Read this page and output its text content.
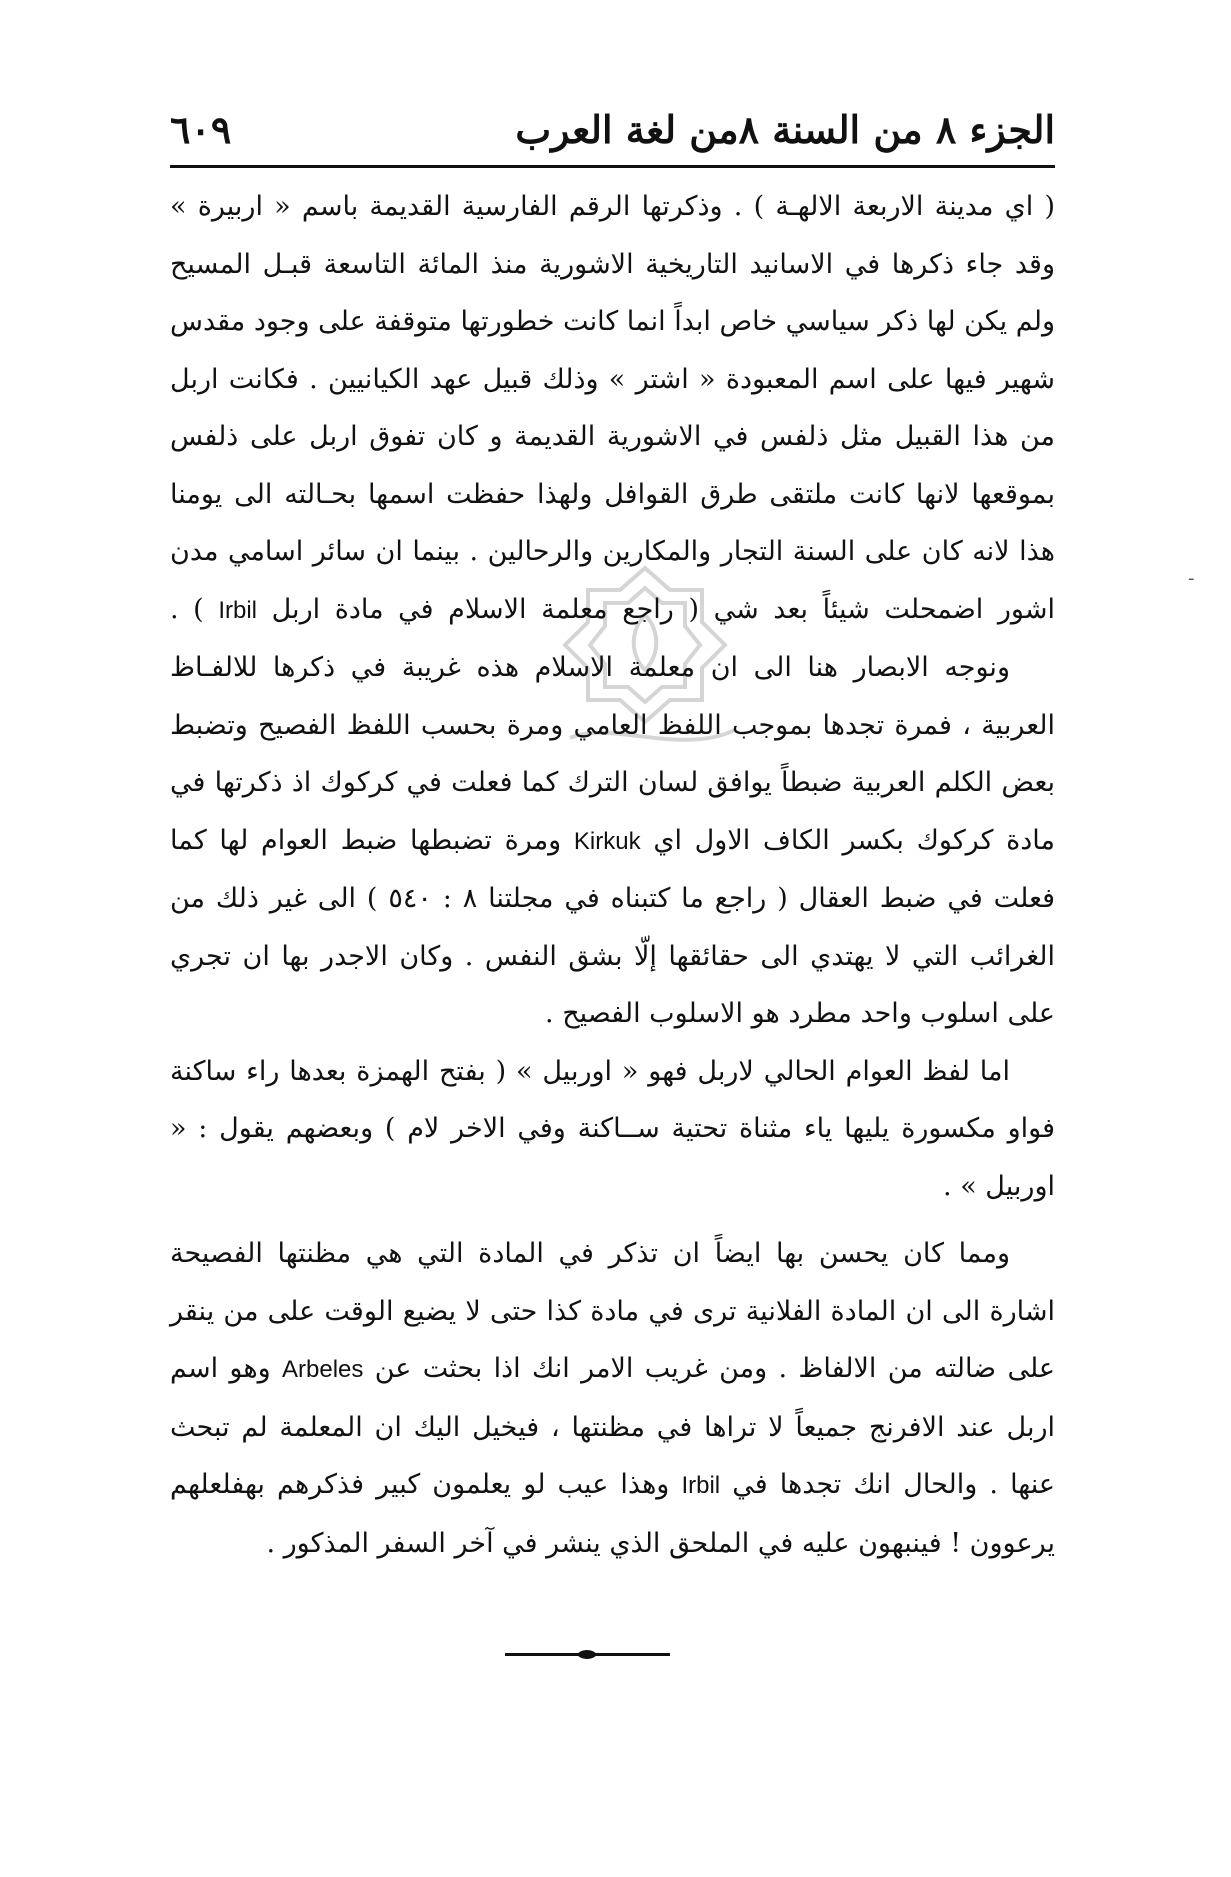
الجزء ٨ من السنة ٨من لغة العرب
٦٠٩
-

( اي مدينة الاربعة الالهـة ) . وذكرتها الرقم الفارسية القديمة باسم « اربيرة » وقد جاء ذكرها في الاسانيد التاريخية الاشورية منذ المائة التاسعة قبـل المسيح ولم يكن لها ذكر سياسي خاص ابداً انما كانت خطورتها متوقفة على وجود مقدس شهير فيها على اسم المعبودة « اشتر » وذلك قبيل عهد الكيانيين . فكانت اربل من هذا القبيل مثل ذلفس في الاشورية القديمة و كان تفوق اربل على ذلفس بموقعها لانها كانت ملتقى طرق القوافل ولهذا حفظت اسمها بحـالته الى يومنا هذا لانه كان على السنة التجار والمكارين والرحالين . بينما ان سائر اسامي مدن اشور اضمحلت شيئاً بعد شي ( راجع معلمة الاسلام في مادة اربل Irbil ) .

ونوجه الابصار هنا الى ان معلمة الاسلام هذه غريبة في ذكرها للالفـاظ العربية ، فمرة تجدها بموجب اللفظ العامي ومرة بحسب اللفظ الفصيح وتضبط بعض الكلم العربية ضبطاً يوافق لسان الترك كما فعلت في كركوك اذ ذكرتها في مادة كركوك بكسر الكاف الاول اي Kirkuk ومرة تضبطها ضبط العوام لها كما فعلت في ضبط العقال ( راجع ما كتبناه في مجلتنا ٨ : ٥٤٠ ) الى غير ذلك من الغرائب التي لا يهتدي الى حقائقها إلّا بشق النفس . وكان الاجدر بها ان تجري على اسلوب واحد مطرد هو الاسلوب الفصيح .

اما لفظ العوام الحالي لاربل فهو « اوربيل » ( بفتح الهمزة بعدها راء ساكنة فواو مكسورة يليها ياء مثناة تحتية ســاكنة وفي الاخر لام ) وبعضهم يقول : « اوربيل » .

ومما كان يحسن بها ايضاً ان تذكر في المادة التي هي مظنتها الفصيحة اشارة الى ان المادة الفلانية ترى في مادة كذا حتى لا يضيع الوقت على من ينقر على ضالته من الالفاظ . ومن غريب الامر انك اذا بحثت عن Arbeles وهو اسم اربل عند الافرنج جميعاً لا تراها في مظنتها ، فيخيل اليك ان المعلمة لم تبحث عنها . والحال انك تجدها في Irbil وهذا عيب لو يعلمون كبير فذكرهم بهفلعلهم يرعوون ! فينبهون عليه في الملحق الذي ينشر في آخر السفر المذكور .
